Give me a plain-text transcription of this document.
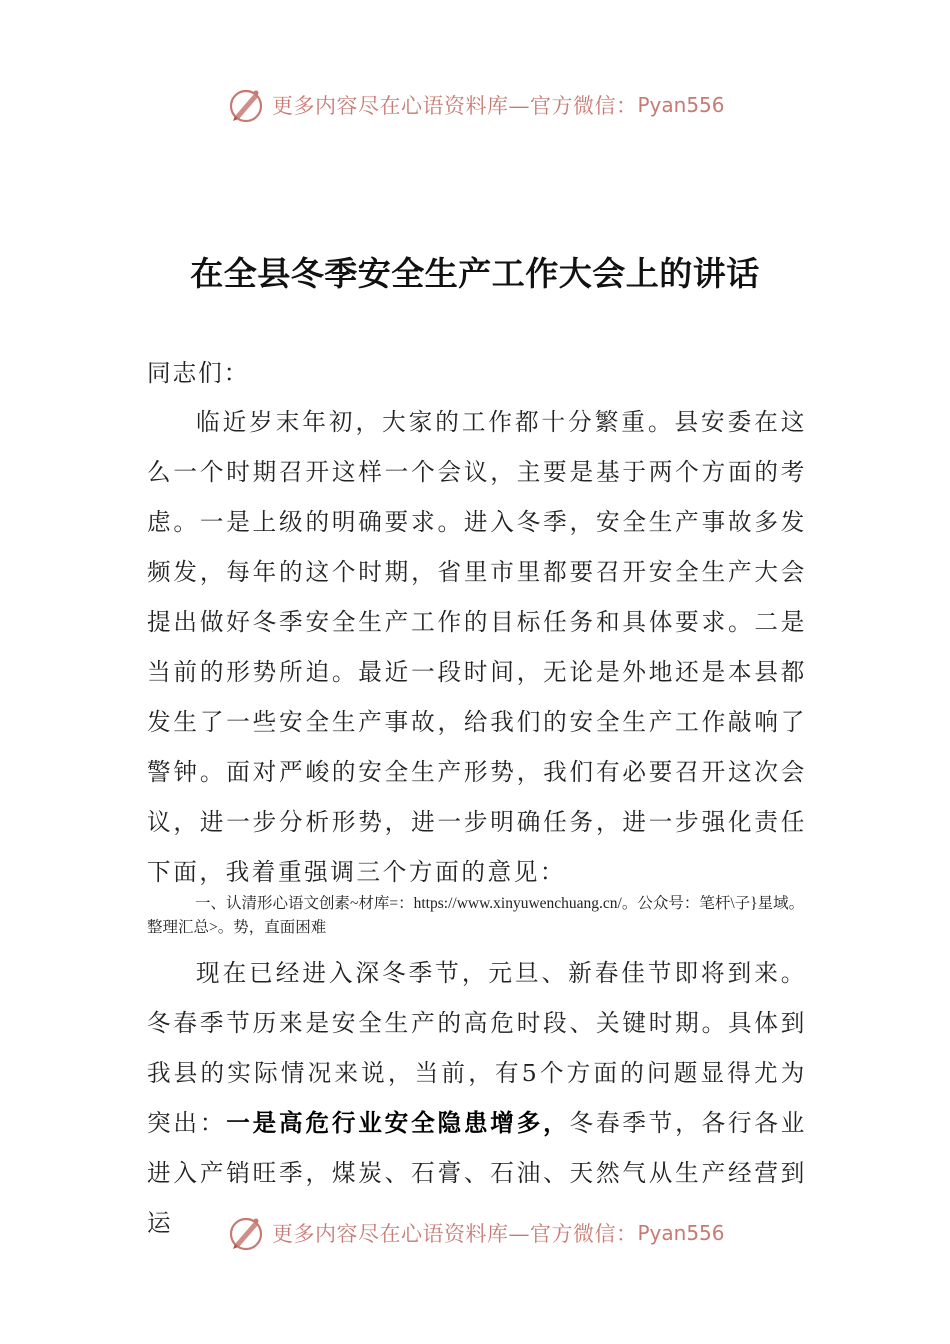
更多内容尽在心语资料库—官方微信： Pyan556
在全县冬季安全生产工作大会上的讲话
同志们：
临近岁末年初，大家的工作都十分繁重。县安委在这么一个时期召开这样一个会议，主要是基于两个方面的考虑。一是上级的明确要求。进入冬季，安全生产事故多发频发，每年的这个时期，省里市里都要召开安全生产大会提出做好冬季安全生产工作的目标任务和具体要求。二是当前的形势所迫。最近一段时间，无论是外地还是本县都发生了一些安全生产事故，给我们的安全生产工作敲响了警钟。面对严峻的安全生产形势，我们有必要召开这次会议，进一步分析形势，进一步明确任务，进一步强化责任下面，我着重强调三个方面的意见：
一、认清形心语文创素~材库=：https://www.xinyuwenchuang.cn/。公众号：笔杆\子}星域。整理汇总>。势，直面困难
现在已经进入深冬季节，元旦、新春佳节即将到来。冬春季节历来是安全生产的高危时段、关键时期。具体到我县的实际情况来说，当前，有5个方面的问题显得尤为突出：一是高危行业安全隐患增多，冬春季节，各行各业进入产销旺季，煤炭、石膏、石油、天然气从生产经营到运	更多内容尽在心语资料库—官方微信： Pyan556
